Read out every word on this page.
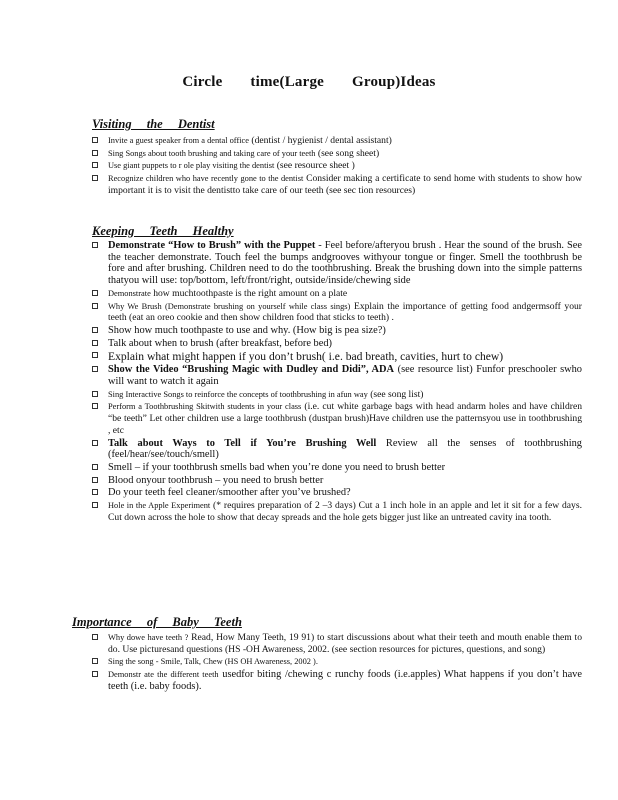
Circle time(Large Group)Ideas
Visiting the Dentist
Invite a guest speaker from a dental office (dentist / hygienist / dental assistant)
Sing Songs about tooth brushing and taking care of your teeth (see song sheet)
Use giant puppets to r ole play visiting the dentist (see resource sheet )
Recognize children who have recently gone to the dentist Consider making a certificate to send home with students to show how important it is to visit the dentistto take care of our teeth (see sec tion resources)
Keeping Teeth Healthy
Demonstrate “How to Brush” with the Puppet - Feel before/afteryou brush . Hear the sound of the brush. See the teacher demonstrate. Touch feel the bumps andgrooves withyour tongue or finger. Smell the toothbrush be fore and after brushing. Children need to do the toothbrushing. Break the brushing down into the simple patterns thatyou will use: top/bottom, left/front/right, outside/inside/chewing side
Demonstrate how muchtoothpaste is the right amount on a plate
Why We Brush (Demonstrate brushing on yourself while class sings) Explain the importance of getting food andgermsoff your teeth (eat an oreo cookie and then show children food that sticks to teeth) .
Show how much toothpaste to use and why. (How big is pea size?)
Talk about when to brush (after breakfast, before bed)
Explain what might happen if you don’t brush( i.e. bad breath, cavities, hurt to chew)
Show the Video “Brushing Magic with Dudley and Didi”, ADA (see resource list) Funfor preschooler swho will want to watch it again
Sing Interactive Songs to reinforce the concepts of toothbrushing in afun way (see song list)
Perform a Toothbrushing Skitwith students in your class (i.e. cut white garbage bags with head andarm holes and have children “be teeth” Let other children use a large toothbrush (dustpan brush)Have children use the patternsyou use in toothbrushing , etc
Talk about Ways to Tell if You’re Brushing Well Review all the senses of toothbrushing (feel/hear/see/touch/smell)
Smell – if your toothbrush smells bad when you’re done you need to brush better
Blood onyour toothbrush – you need to brush better
Do your teeth feel cleaner/smoother after you’ve brushed?
Hole in the Apple Experiment (* requires preparation of 2 –3 days) Cut a 1 inch hole in an apple and let it sit for a few days. Cut down across the hole to show that decay spreads and the hole gets bigger just like an untreated cavity ina tooth.
Importance of Baby Teeth
Why dowe have teeth ? Read, How Many Teeth, 19 91) to start discussions about what their teeth and mouth enable them to do. Use picturesand questions (HS -OH Awareness, 2002. (see section resources for pictures, questions, and song)
Sing the song - Smile, Talk, Chew (HS OH Awareness, 2002 ).
Demonstr ate the different teeth usedfor biting /chewing c runchy foods (i.e.apples) What happens if you don’t have teeth (i.e. baby foods).
